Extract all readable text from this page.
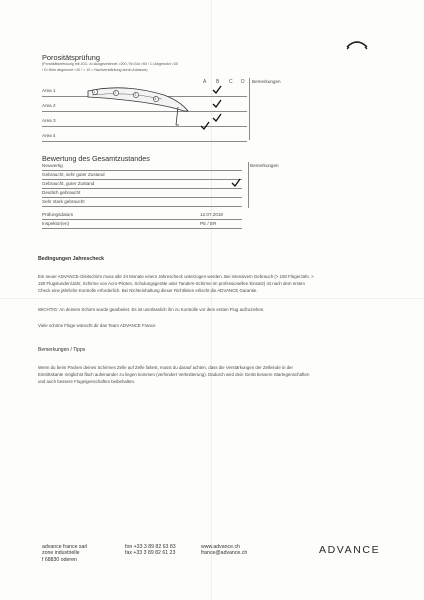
Porositätsprüfung
(Porositätsmessung mit JDC: A=Ausgezeichnet >200 / B=Gut >50 / C=Abgenutzt >30
/ D=Sehr abgenutzt >10 / < 10 = Nachverstärkung durch Advance)
A B C D Bemerkungen
Area 1
Area 2
Area 3
Area 4
1	2	3
4
Bewertung des Gesamtzustandes
Bemerkungen
Neuwertig
Gebraucht, sehr guter Zustand
Gebraucht, guter Zustand
Deutlich gebraucht
Sehr stark gebraucht
Prüfungsdatum	12.07.2018
Inspektor(en)	PE / ER
Bedingungen Jahrescheck
Ein neuer ADVANCE-Gleitschirm muss alle 24 Monate einem Jahrescheck unterzogen werden. Bei intensivem Gebrauch (> 150 Flüge/Jahr, >
150 Flugstunden/Jahr, Schirme von Acro-Piloten, Schulungsgeräte oder Tandem-Schirme im professionellen Einsatz) ist nach dem ersten
Check eine jährliche Kontrolle erforderlich. Bei Nichteinhaltung dieser Richtlinien erlischt die ADVANCE Garantie.
WICHTIG: An deinem Schirm wurde gearbeitet. Es ist unerlässlich ihn zu Kontrolle vor dem ersten Flug aufzuziehen.
Viele schöne Flüge wünscht dir das Team ADVANCE France
Bemerkungen / Tipps
Wenn du beim Packen deines Schirmes Zelle auf Zelle faltest, musst du darauf achten, dass die Verstärkungen der Zelleinde in der
Eintrittskante möglichst flach aufeinander zu liegen kommen (verhindert Verknitterung). Dadurch wird dein Gerät bessere Startegenschaften
und auch bessere Flugeigenschaften beibehalten.
advance france sarl
zone industrielle
f 68830 oderen
fon +33 3 89 82 63 83
fax +33 3 89 82 61 23
www.advance.ch
france@advance.ch	ADVANCE
